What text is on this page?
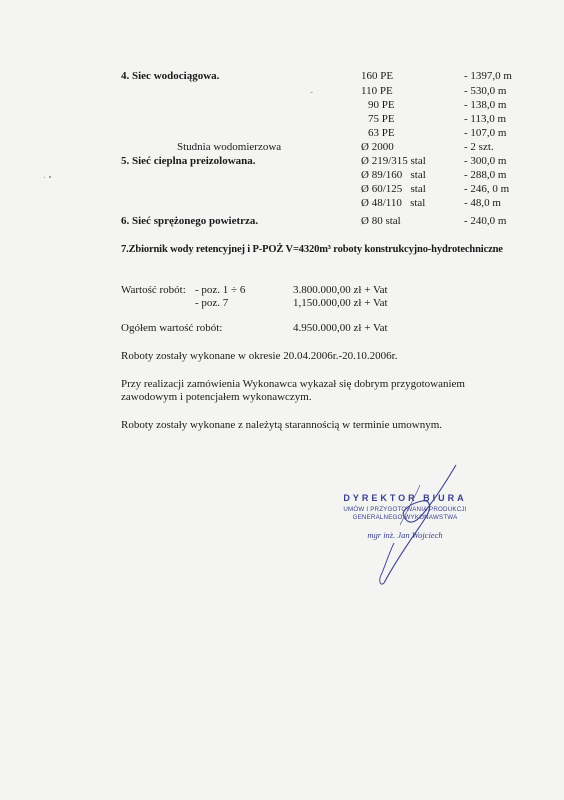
4. Siec wodociągowa.	160 PE	- 1397,0 m
110 PE	- 530,0 m
90 PE	- 138,0 m
75 PE	- 113,0 m
63 PE	- 107,0 m
Studnia wodomierzowa	Ø 2000	- 2 szt.
5. Sieć cieplna preizolowana.	Ø 219/315 stal	- 300,0 m
Ø 89/160   stal	- 288,0 m
Ø 60/125   stal	- 246, 0 m
Ø 48/110   stal	- 48,0 m
6. Sieć sprężonego powietrza.	Ø 80 stal	- 240,0 m
7.Zbiornik wody retencyjnej i P-POŻ V=4320m³ roboty konstrukcyjno-hydrotechniczne
Wartość robót: - poz. 1 ÷ 6	3.800.000,00 zł + Vat
- poz. 7	1,150.000,00 zł + Vat
Ogółem wartość robót:	4.950.000,00 zł + Vat
Roboty zostały wykonane w okresie 20.04.2006r.-20.10.2006r.
Przy realizacji zamówienia Wykonawca wykazał się dobrym przygotowaniem
zawodowym i potencjałem wykonawczym.
Roboty zostały wykonane z należytą starannością w terminie umownym.
DYREKTOR BIURA
UMÓW I PRZYGOTOWANIA PRODUKCJI
GENERALNEGO WYKONAWSTWA
mgr inż. Jan Wojciech
